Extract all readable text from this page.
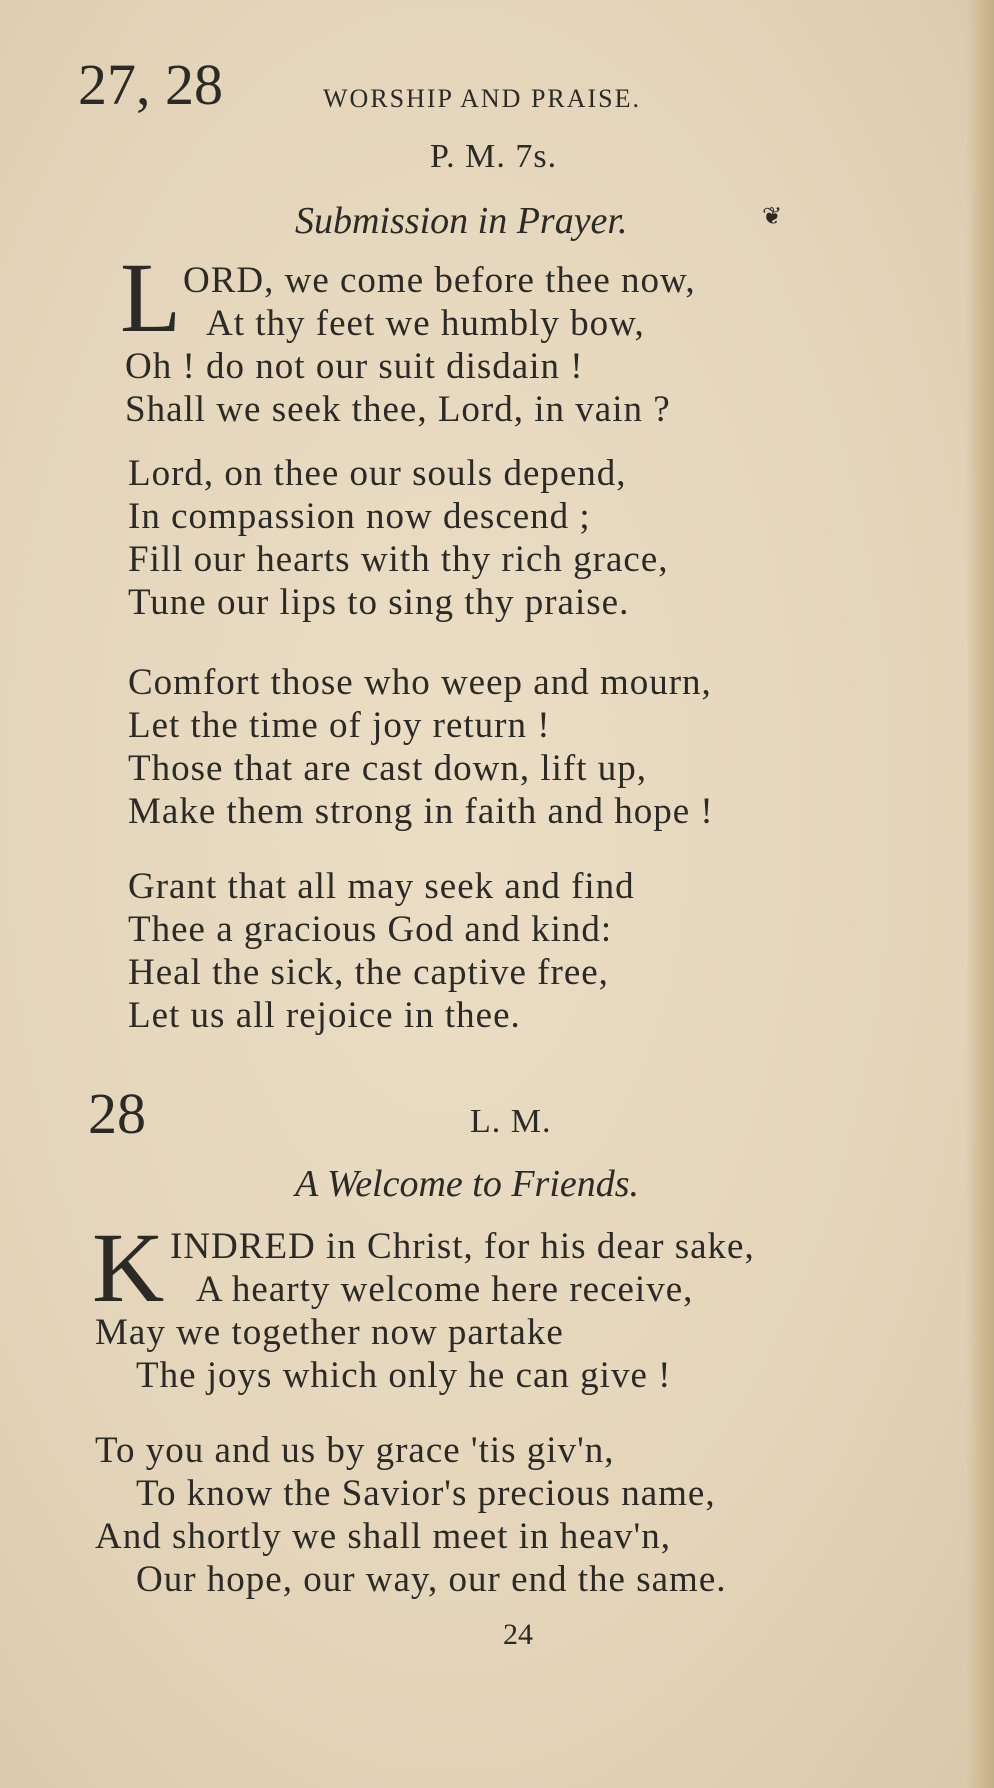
27, 28	WORSHIP AND PRAISE.
P. M. 7s.
Submission in Prayer.	❦
L ORD, we come before thee now,
At thy feet we humbly bow,
Oh ! do not our suit disdain !
Shall we seek thee, Lord, in vain ?
Lord, on thee our souls depend,
In compassion now descend ;
Fill our hearts with thy rich grace,
Tune our lips to sing thy praise.
Comfort those who weep and mourn,
Let the time of joy return !
Those that are cast down, lift up,
Make them strong in faith and hope !
Grant that all may seek and find
Thee a gracious God and kind:
Heal the sick, the captive free,
Let us all rejoice in thee.
28	L. M.
A Welcome to Friends.
K INDRED in Christ, for his dear sake,
A hearty welcome here receive,
May we together now partake
The joys which only he can give !
To you and us by grace 'tis giv'n,
To know the Savior's precious name,
And shortly we shall meet in heav'n,
Our hope, our way, our end the same.
24
